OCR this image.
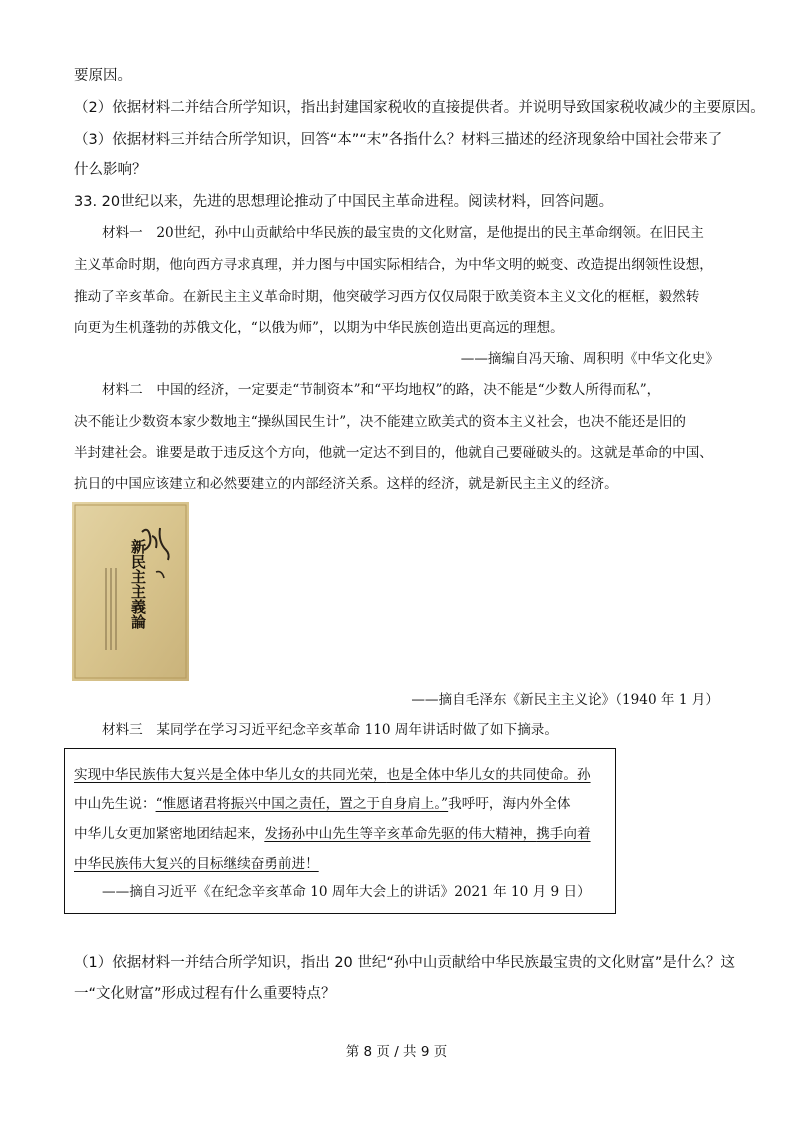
要原因。
（2）依据材料二并结合所学知识，指出封建国家税收的直接提供者。并说明导致国家税收减少的主要原因。
（3）依据材料三并结合所学知识，回答“本”“末”各指什么？材料三描述的经济现象给中国社会带来了
什么影响？
33. 20世纪以来，先进的思想理论推动了中国民主革命进程。阅读材料，回答问题。
材料一　20世纪，孙中山贡献给中华民族的最宝贵的文化财富，是他提出的民主革命纲领。在旧民主
主义革命时期，他向西方寻求真理，并力图与中国实际相结合，为中华文明的蜕变、改造提出纲领性设想，
推动了辛亥革命。在新民主主义革命时期，他突破学习西方仅仅局限于欧美资本主义文化的框框，毅然转
向更为生机蓬勃的苏俄文化，“以俄为师”，以期为中华民族创造出更高远的理想。
——摘编自冯天瑜、周积明《中华文化史》
材料二　中国的经济，一定要走“节制资本”和“平均地权”的路，决不能是“少数人所得而私”，
决不能让少数资本家少数地主“操纵国民生计”，决不能建立欧美式的资本主义社会，也决不能还是旧的
半封建社会。谁要是敢于违反这个方向，他就一定达不到目的，他就自己要碰破头的。这就是革命的中国、
抗日的中国应该建立和必然要建立的内部经济关系。这样的经济，就是新民主主义的经济。
新民主主義論
——摘自毛泽东《新民主主义论》（1940 年 1 月）
材料三　某同学在学习习近平纪念辛亥革命 110 周年讲话时做了如下摘录。
实现中华民族伟大复兴是全体中华儿女的共同光荣，也是全体中华儿女的共同使命。孙
中山先生说：“惟愿诸君将振兴中国之责任，置之于自身肩上。”我呼吁，海内外全体
中华儿女更加紧密地团结起来，发扬孙中山先生等辛亥革命先驱的伟大精神，携手向着
中华民族伟大复兴的目标继续奋勇前进！
——摘自习近平《在纪念辛亥革命 10 周年大会上的讲话》2021 年 10 月 9 日）
（1）依据材料一并结合所学知识，指出 20 世纪“孙中山贡献给中华民族最宝贵的文化财富”是什么？这
一“文化财富”形成过程有什么重要特点？
第 8 页 / 共 9 页
